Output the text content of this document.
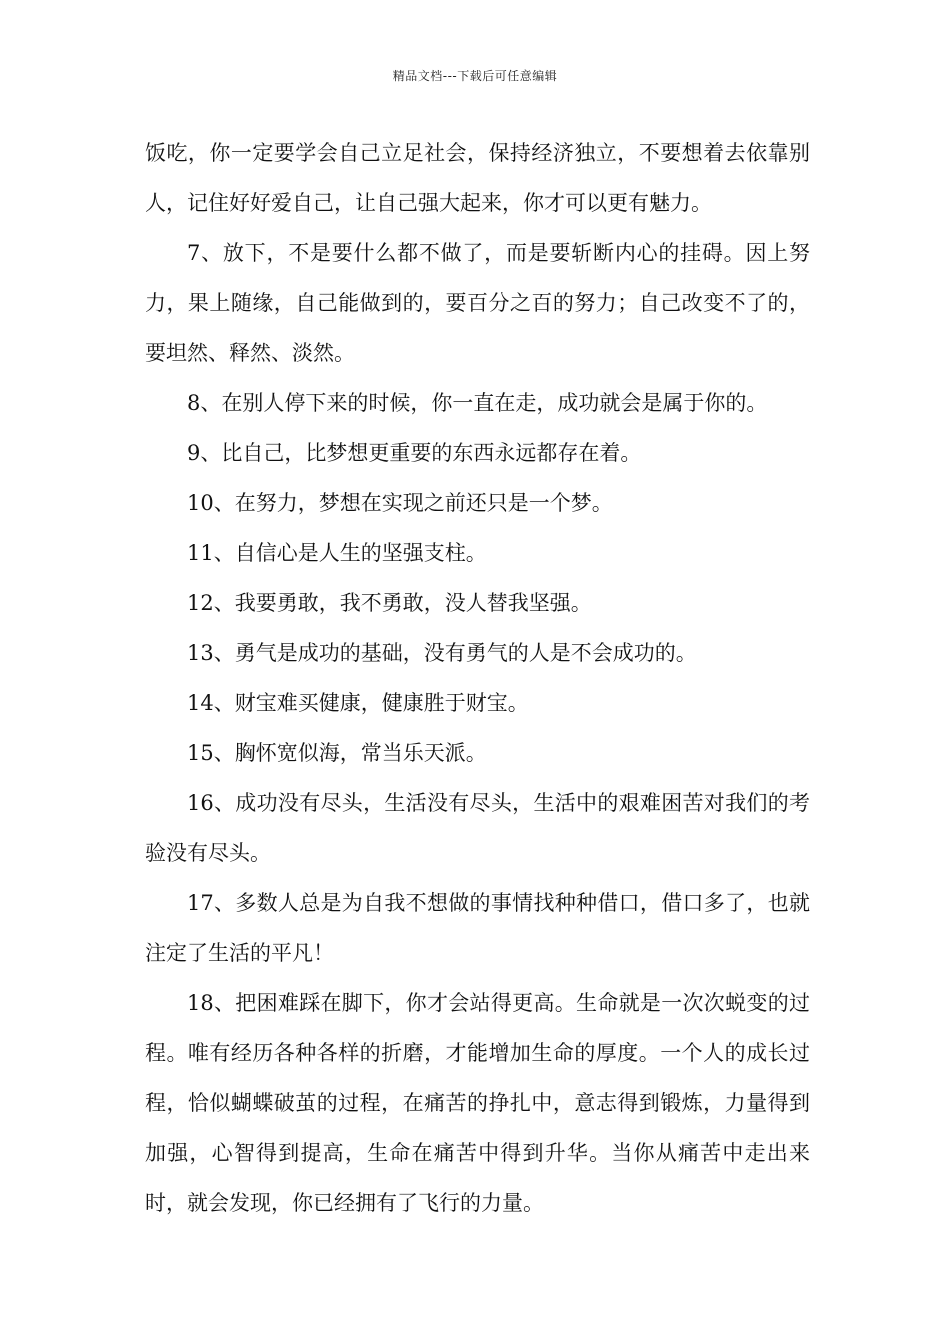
精品文档---下载后可任意编辑

饭吃，你一定要学会自己立足社会，保持经济独立，不要想着去依靠别人，记住好好爱自己，让自己强大起来，你才可以更有魅力。

7、放下，不是要什么都不做了，而是要斩断内心的挂碍。因上努力，果上随缘，自己能做到的，要百分之百的努力；自己改变不了的，要坦然、释然、淡然。

8、在别人停下来的时候，你一直在走，成功就会是属于你的。

9、比自己，比梦想更重要的东西永远都存在着。

10、在努力，梦想在实现之前还只是一个梦。

11、自信心是人生的坚强支柱。

12、我要勇敢，我不勇敢，没人替我坚强。

13、勇气是成功的基础，没有勇气的人是不会成功的。

14、财宝难买健康，健康胜于财宝。

15、胸怀宽似海，常当乐天派。

16、成功没有尽头，生活没有尽头，生活中的艰难困苦对我们的考验没有尽头。

17、多数人总是为自我不想做的事情找种种借口，借口多了，也就注定了生活的平凡！

18、把困难踩在脚下，你才会站得更高。生命就是一次次蜕变的过程。唯有经历各种各样的折磨，才能增加生命的厚度。一个人的成长过程，恰似蝴蝶破茧的过程，在痛苦的挣扎中，意志得到锻炼，力量得到加强，心智得到提高，生命在痛苦中得到升华。当你从痛苦中走出来时，就会发现，你已经拥有了飞行的力量。
